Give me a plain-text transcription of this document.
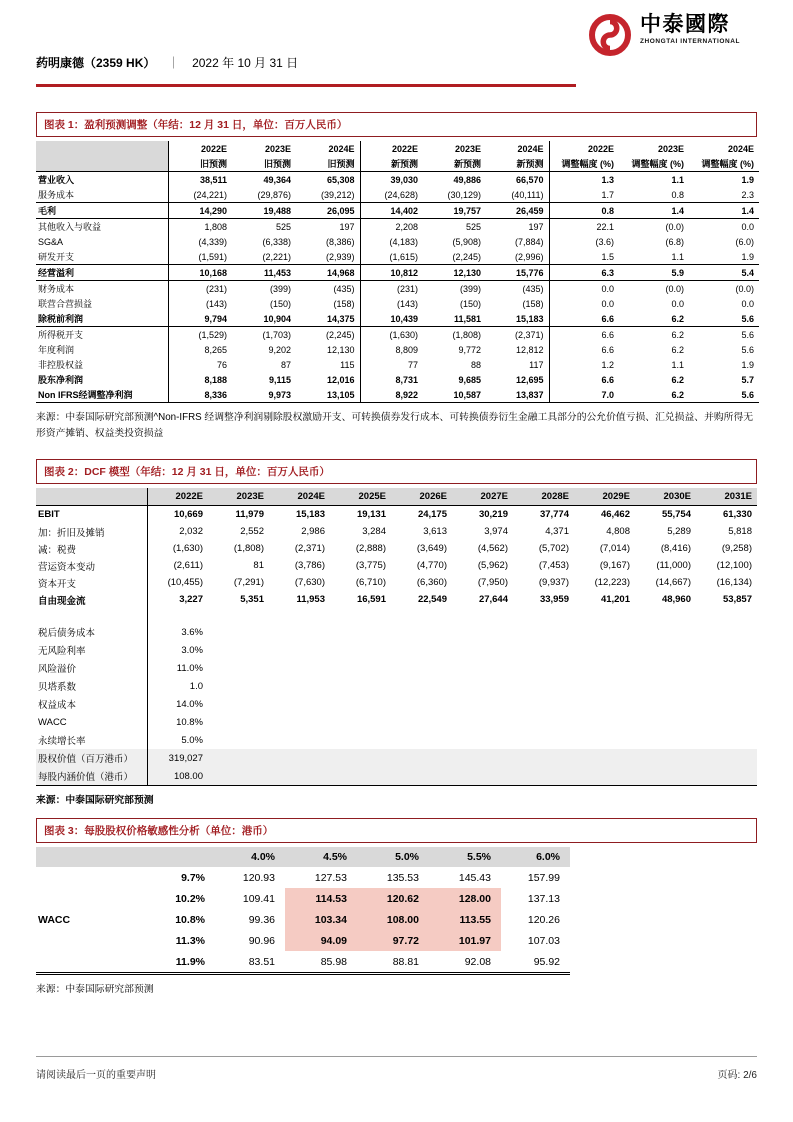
中泰國際
ZHONGTAI INTERNATIONAL
药明康德（2359 HK） ｜ 2022 年 10 月 31 日
图表 1：盈利预测调整（年结：12 月 31 日，单位：百万人民币）
	2022E	2023E	2024E	2022E	2023E	2024E	2022E	2023E	2024E
	旧预测	旧预测	旧预测	新预测	新预测	新预测	调整幅度 (%)	调整幅度 (%)	调整幅度 (%)
营业收入	38,511	49,364	65,308	39,030	49,886	66,570	1.3	1.1	1.9
服务成本	(24,221)	(29,876)	(39,212)	(24,628)	(30,129)	(40,111)	1.7	0.8	2.3
毛利	14,290	19,488	26,095	14,402	19,757	26,459	0.8	1.4	1.4
其他收入与收益	1,808	525	197	2,208	525	197	22.1	(0.0)	0.0
SG&A	(4,339)	(6,338)	(8,386)	(4,183)	(5,908)	(7,884)	(3.6)	(6.8)	(6.0)
研发开支	(1,591)	(2,221)	(2,939)	(1,615)	(2,245)	(2,996)	1.5	1.1	1.9
经营溢利	10,168	11,453	14,968	10,812	12,130	15,776	6.3	5.9	5.4
财务成本	(231)	(399)	(435)	(231)	(399)	(435)	0.0	(0.0)	(0.0)
联营合营损益	(143)	(150)	(158)	(143)	(150)	(158)	0.0	0.0	0.0
除税前利润	9,794	10,904	14,375	10,439	11,581	15,183	6.6	6.2	5.6
所得税开支	(1,529)	(1,703)	(2,245)	(1,630)	(1,808)	(2,371)	6.6	6.2	5.6
年度利润	8,265	9,202	12,130	8,809	9,772	12,812	6.6	6.2	5.6
非控股权益	76	87	115	77	88	117	1.2	1.1	1.9
股东净利润	8,188	9,115	12,016	8,731	9,685	12,695	6.6	6.2	5.7
Non IFRS经调整净利润	8,336	9,973	13,105	8,922	10,587	13,837	7.0	6.2	5.6
来源：中泰国际研究部预测^Non-IFRS 经调整净利润剔除股权激励开支、可转换债券发行成本、可转换债券衍生金融工具部分的公允价值亏损、汇兑损益、并购所得无形资产摊销、权益类投资损益
图表 2：DCF 模型（年结：12 月 31 日，单位：百万人民币）
	2022E	2023E	2024E	2025E	2026E	2027E	2028E	2029E	2030E	2031E
EBIT	10,669	11,979	15,183	19,131	24,175	30,219	37,774	46,462	55,754	61,330
加：折旧及摊销	2,032	2,552	2,986	3,284	3,613	3,974	4,371	4,808	5,289	5,818
减：税费	(1,630)	(1,808)	(2,371)	(2,888)	(3,649)	(4,562)	(5,702)	(7,014)	(8,416)	(9,258)
营运资本变动	(2,611)	81	(3,786)	(3,775)	(4,770)	(5,962)	(7,453)	(9,167)	(11,000)	(12,100)
资本开支	(10,455)	(7,291)	(7,630)	(6,710)	(6,360)	(7,950)	(9,937)	(12,223)	(14,667)	(16,134)
自由现金流	3,227	5,351	11,953	16,591	22,549	27,644	33,959	41,201	48,960	53,857

税后债务成本	3.6%									
无风险利率	3.0%									
风险溢价	11.0%									
贝塔系数	1.0									
权益成本	14.0%									
WACC	10.8%									
永续增长率	5.0%									
股权价值（百万港币）	319,027									
每股内涵价值（港币）	108.00									
来源：中泰国际研究部预测
图表 3：每股股权价格敏感性分析（单位：港币）
		4.0%	4.5%	5.0%	5.5%	6.0%
WACC	9.7%	120.93	127.53	135.53	145.43	157.99
	10.2%	109.41	114.53	120.62	128.00	137.13
	10.8%	99.36	103.34	108.00	113.55	120.26
	11.3%	90.96	94.09	97.72	101.97	107.03
	11.9%	83.51	85.98	88.81	92.08	95.92
来源：中泰国际研究部预测
请阅读最后一页的重要声明	页码: 2/6
